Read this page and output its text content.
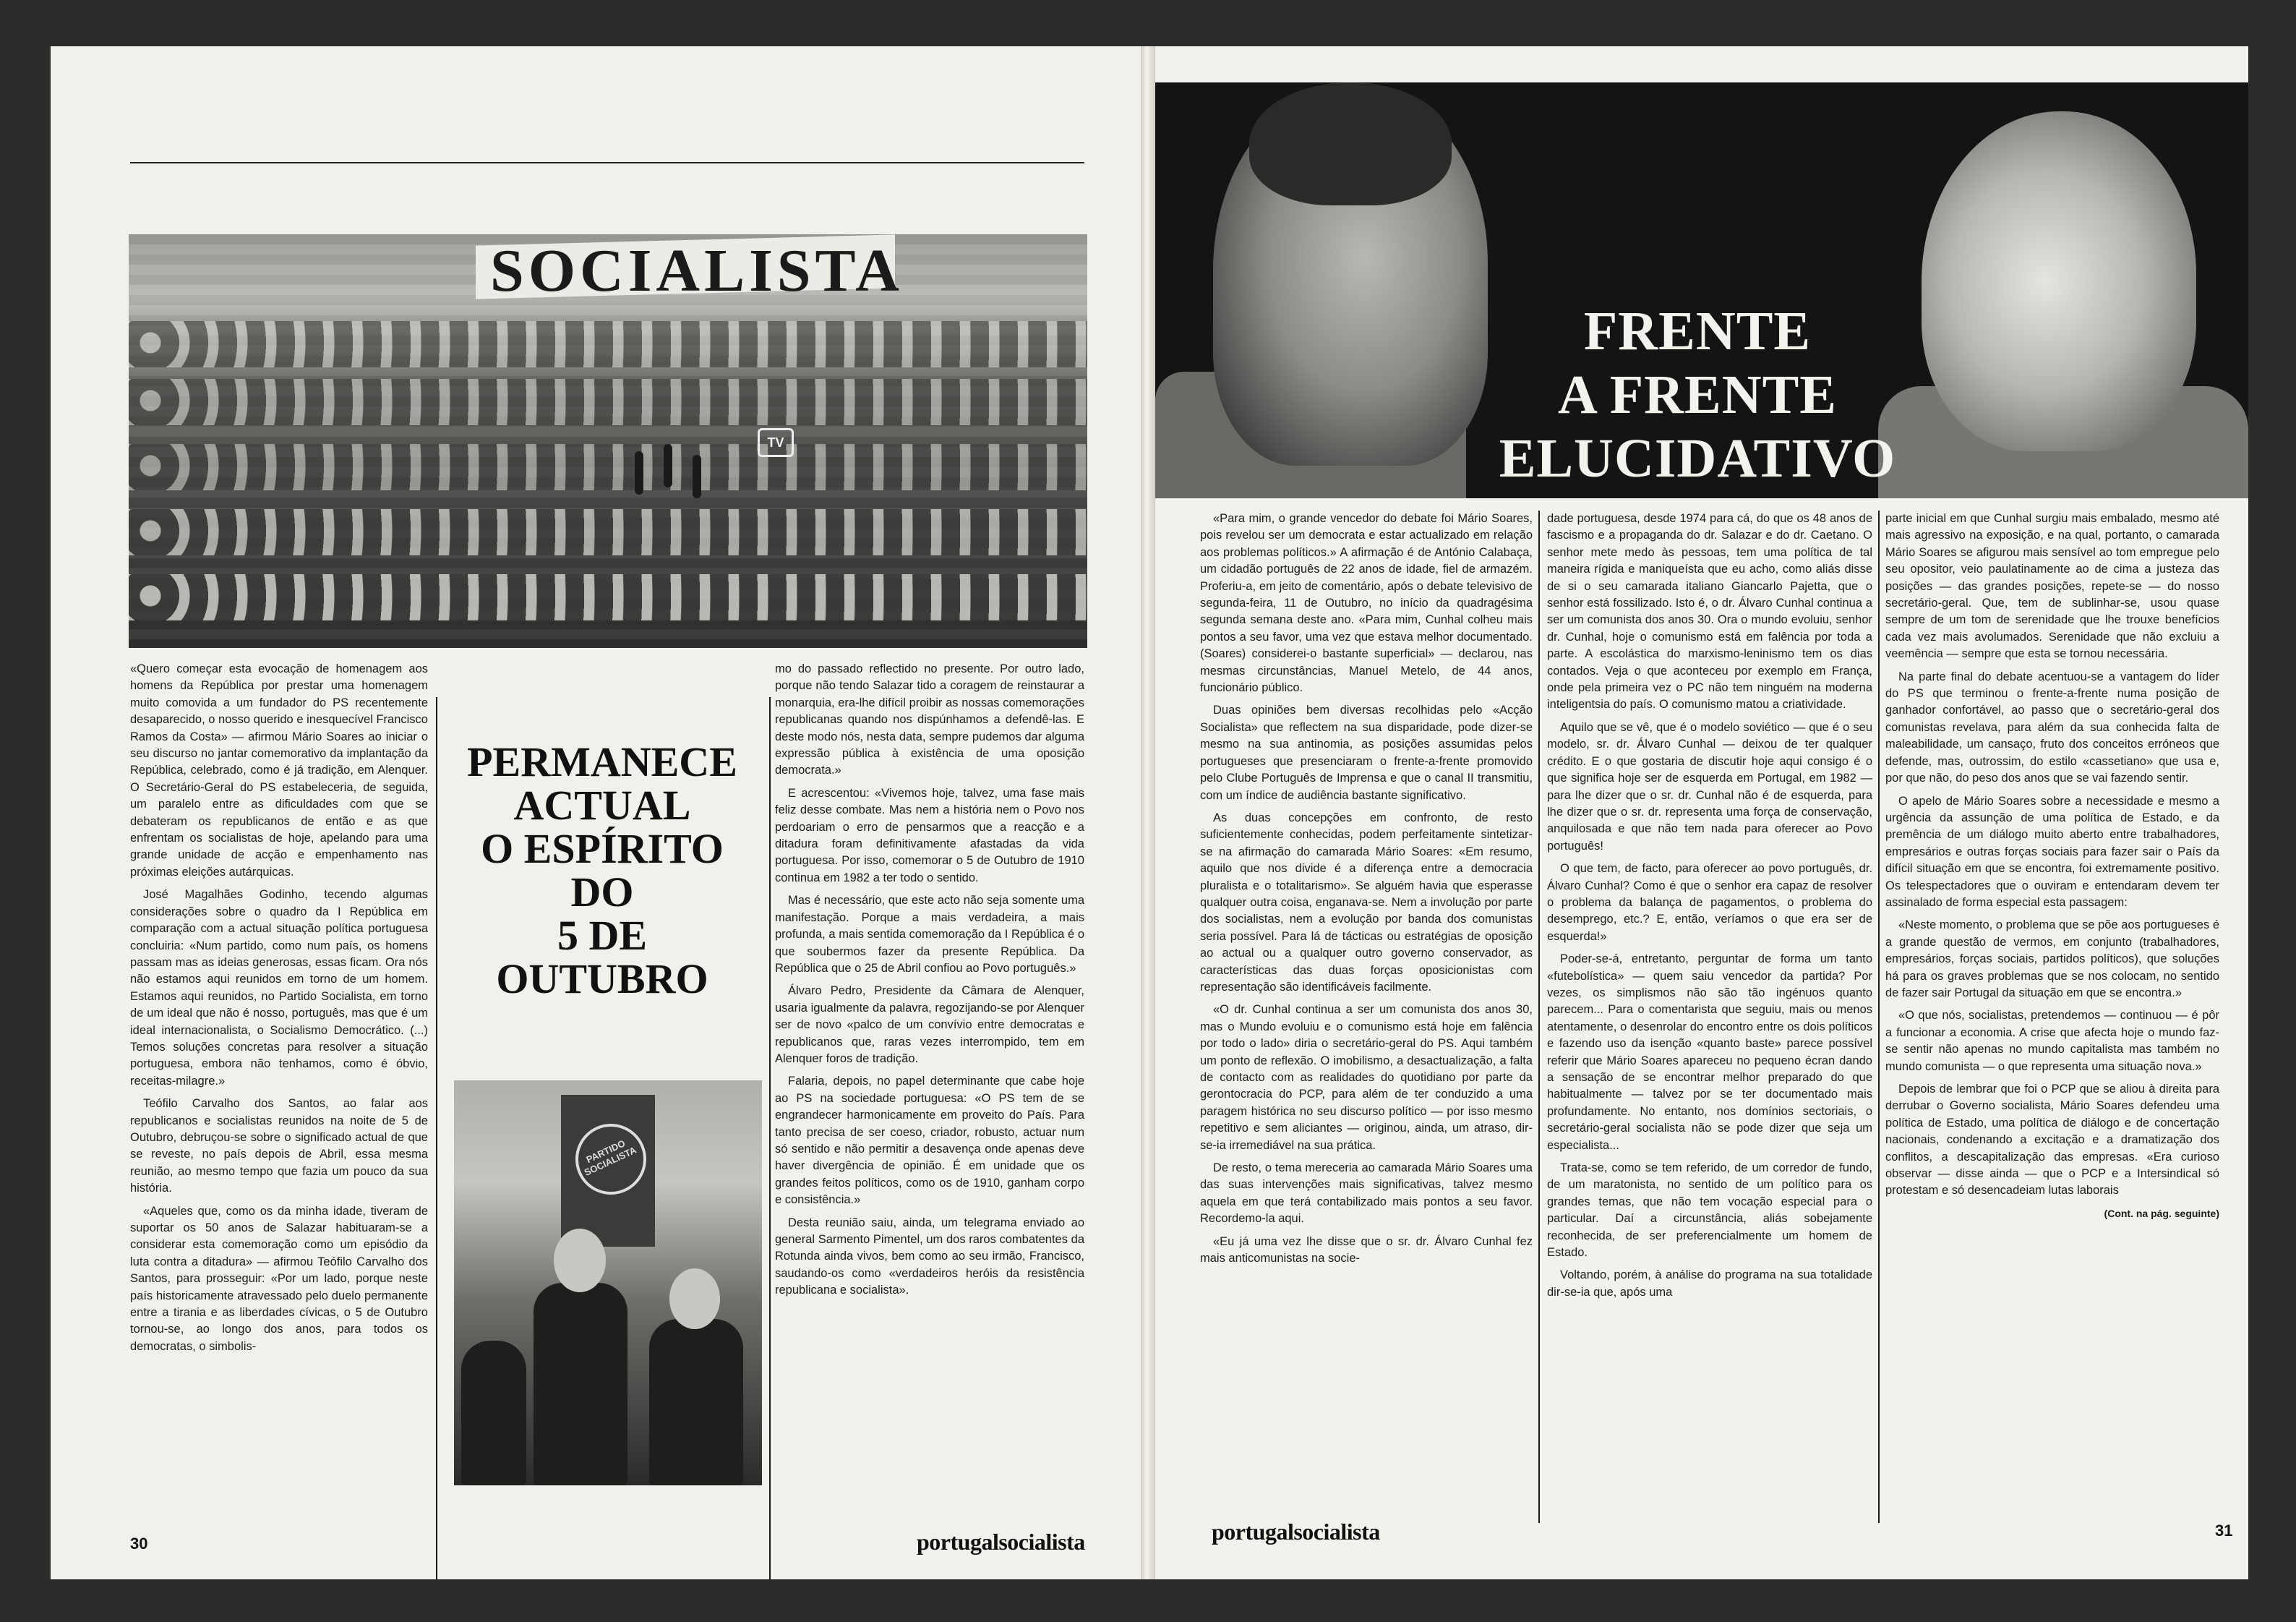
SOCIALISTA
TV

«Quero começar esta evocação de homenagem aos homens da República por prestar uma homenagem muito comovida a um fundador do PS recentemente desaparecido, o nosso querido e inesquecível Francisco Ramos da Costa» — afirmou Mário Soares ao iniciar o seu discurso no jantar comemorativo da implantação da República, celebrado, como é já tradição, em Alenquer. O Secretário-Geral do PS estabeleceria, de seguida, um paralelo entre as dificuldades com que se debateram os republicanos de então e as que enfrentam os socialistas de hoje, apelando para uma grande unidade de acção e empenhamento nas próximas eleições autárquicas.

José Magalhães Godinho, tecendo algumas considerações sobre o quadro da I República em comparação com a actual situação política portuguesa concluiria: «Num partido, como num país, os homens passam mas as ideias generosas, essas ficam. Ora nós não estamos aqui reunidos em torno de um homem. Estamos aqui reunidos, no Partido Socialista, em torno de um ideal que não é nosso, português, mas que é um ideal internacionalista, o Socialismo Democrático. (...) Temos soluções concretas para resolver a situação portuguesa, embora não tenhamos, como é óbvio, receitas-milagre.»

Teófilo Carvalho dos Santos, ao falar aos republicanos e socialistas reunidos na noite de 5 de Outubro, debruçou-se sobre o significado actual de que se reveste, no país depois de Abril, essa mesma reunião, ao mesmo tempo que fazia um pouco da sua história.

«Aqueles que, como os da minha idade, tiveram de suportar os 50 anos de Salazar habituaram-se a considerar esta comemoração como um episódio da luta contra a ditadura» — afirmou Teófilo Carvalho dos Santos, para prosseguir: «Por um lado, porque neste país historicamente atravessado pelo duelo permanente entre a tirania e as liberdades cívicas, o 5 de Outubro tornou-se, ao longo dos anos, para todos os democratas, o simbolis-

PERMANECE
ACTUAL
O ESPÍRITO
DO
5 DE
OUTUBRO
PARTIDO SOCIALISTA

mo do passado reflectido no presente. Por outro lado, porque não tendo Salazar tido a coragem de reinstaurar a monarquia, era-lhe difícil proibir as nossas comemorações republicanas quando nos dispúnhamos a defendê-las. E deste modo nós, nesta data, sempre pudemos dar alguma expressão pública à existência de uma oposição democrata.»

E acrescentou: «Vivemos hoje, talvez, uma fase mais feliz desse combate. Mas nem a história nem o Povo nos perdoariam o erro de pensarmos que a reacção e a ditadura foram definitivamente afastadas da vida portuguesa. Por isso, comemorar o 5 de Outubro de 1910 continua em 1982 a ter todo o sentido.

Mas é necessário, que este acto não seja somente uma manifestação. Porque a mais verdadeira, a mais profunda, a mais sentida comemoração da I República é o que soubermos fazer da presente República. Da República que o 25 de Abril confiou ao Povo português.»

Álvaro Pedro, Presidente da Câmara de Alenquer, usaria igualmente da palavra, regozijando-se por Alenquer ser de novo «palco de um convívio entre democratas e republicanos que, raras vezes interrompido, tem em Alenquer foros de tradição.

Falaria, depois, no papel determinante que cabe hoje ao PS na sociedade portuguesa: «O PS tem de se engrandecer harmonicamente em proveito do País. Para tanto precisa de ser coeso, criador, robusto, actuar num só sentido e não permitir a desavença onde apenas deve haver divergência de opinião. É em unidade que os grandes feitos políticos, como os de 1910, ganham corpo e consistência.»

Desta reunião saiu, ainda, um telegrama enviado ao general Sarmento Pimentel, um dos raros combatentes da Rotunda ainda vivos, bem como ao seu irmão, Francisco, saudando-os como «verdadeiros heróis da resistência republicana e socialista».

30	portugalsocialista
FRENTE
A FRENTE
ELUCIDATIVO

«Para mim, o grande vencedor do debate foi Mário Soares, pois revelou ser um democrata e estar actualizado em relação aos problemas políticos.» A afirmação é de António Calabaça, um cidadão português de 22 anos de idade, fiel de armazém. Proferiu-a, em jeito de comentário, após o debate televisivo de segunda-feira, 11 de Outubro, no início da quadragésima segunda semana deste ano. «Para mim, Cunhal colheu mais pontos a seu favor, uma vez que estava melhor documentado. (Soares) considerei-o bastante superficial» — declarou, nas mesmas circunstâncias, Manuel Metelo, de 44 anos, funcionário público.

Duas opiniões bem diversas recolhidas pelo «Acção Socialista» que reflectem na sua disparidade, pode dizer-se mesmo na sua antinomia, as posições assumidas pelos portugueses que presenciaram o frente-a-frente promovido pelo Clube Português de Imprensa e que o canal II transmitiu, com um índice de audiência bastante significativo.

As duas concepções em confronto, de resto suficientemente conhecidas, podem perfeitamente sintetizar-se na afirmação do camarada Mário Soares: «Em resumo, aquilo que nos divide é a diferença entre a democracia pluralista e o totalitarismo». Se alguém havia que esperasse qualquer outra coisa, enganava-se. Nem a involução por parte dos socialistas, nem a evolução por banda dos comunistas seria possível. Para lá de tácticas ou estratégias de oposição ao actual ou a qualquer outro governo conservador, as características das duas forças oposicionistas com representação são identificáveis facilmente.

«O dr. Cunhal continua a ser um comunista dos anos 30, mas o Mundo evoluiu e o comunismo está hoje em falência por todo o lado» diria o secretário-geral do PS. Aqui também um ponto de reflexão. O imobilismo, a desactualização, a falta de contacto com as realidades do quotidiano por parte da gerontocracia do PCP, para além de ter conduzido a uma paragem histórica no seu discurso político — por isso mesmo repetitivo e sem aliciantes — originou, ainda, um atraso, dir-se-ia irremediável na sua prática.

De resto, o tema mereceria ao camarada Mário Soares uma das suas intervenções mais significativas, talvez mesmo aquela em que terá contabilizado mais pontos a seu favor. Recordemo-la aqui.

«Eu já uma vez lhe disse que o sr. dr. Álvaro Cunhal fez mais anticomunistas na socie-

dade portuguesa, desde 1974 para cá, do que os 48 anos de fascismo e a propaganda do dr. Salazar e do dr. Caetano. O senhor mete medo às pessoas, tem uma política de tal maneira rígida e maniqueísta que eu acho, como aliás disse de si o seu camarada italiano Giancarlo Pajetta, que o senhor está fossilizado. Isto é, o dr. Álvaro Cunhal continua a ser um comunista dos anos 30. Ora o mundo evoluiu, senhor dr. Cunhal, hoje o comunismo está em falência por toda a parte. A escolástica do marxismo-leninismo tem os dias contados. Veja o que aconteceu por exemplo em França, onde pela primeira vez o PC não tem ninguém na moderna inteligentsia do país. O comunismo matou a criatividade.

Aquilo que se vê, que é o modelo soviético — que é o seu modelo, sr. dr. Álvaro Cunhal — deixou de ter qualquer crédito. E o que gostaria de discutir hoje aqui consigo é o que significa hoje ser de esquerda em Portugal, em 1982 — para lhe dizer que o sr. dr. Cunhal não é de esquerda, para lhe dizer que o sr. dr. representa uma força de conservação, anquilosada e que não tem nada para oferecer ao Povo português!

O que tem, de facto, para oferecer ao povo português, dr. Álvaro Cunhal? Como é que o senhor era capaz de resolver o problema da balança de pagamentos, o problema do desemprego, etc.? E, então, veríamos o que era ser de esquerda!»

Poder-se-á, entretanto, perguntar de forma um tanto «futebolística» — quem saiu vencedor da partida? Por vezes, os simplismos não são tão ingénuos quanto parecem... Para o comentarista que seguiu, mais ou menos atentamente, o desenrolar do encontro entre os dois políticos e fazendo uso da isenção «quanto baste» parece possível referir que Mário Soares apareceu no pequeno écran dando a sensação de se encontrar melhor preparado do que habitualmente — talvez por se ter documentado mais profundamente. No entanto, nos domínios sectoriais, o secretário-geral socialista não se pode dizer que seja um especialista...

Trata-se, como se tem referido, de um corredor de fundo, de um maratonista, no sentido de um político para os grandes temas, que não tem vocação especial para o particular. Daí a circunstância, aliás sobejamente reconhecida, de ser preferencialmente um homem de Estado.

Voltando, porém, à análise do programa na sua totalidade dir-se-ia que, após uma

parte inicial em que Cunhal surgiu mais embalado, mesmo até mais agressivo na exposição, e na qual, portanto, o camarada Mário Soares se afigurou mais sensível ao tom empregue pelo seu opositor, veio paulatinamente ao de cima a justeza das posições — das grandes posições, repete-se — do nosso secretário-geral. Que, tem de sublinhar-se, usou quase sempre de um tom de serenidade que lhe trouxe benefícios cada vez mais avolumados. Serenidade que não excluiu a veemência — sempre que esta se tornou necessária.

Na parte final do debate acentuou-se a vantagem do líder do PS que terminou o frente-a-frente numa posição de ganhador confortável, ao passo que o secretário-geral dos comunistas revelava, para além da sua conhecida falta de maleabilidade, um cansaço, fruto dos conceitos erróneos que defende, mas, outrossim, do estilo «cassetiano» que usa e, por que não, do peso dos anos que se vai fazendo sentir.

O apelo de Mário Soares sobre a necessidade e mesmo a urgência da assunção de uma política de Estado, e da premência de um diálogo muito aberto entre trabalhadores, empresários e outras forças sociais para fazer sair o País da difícil situação em que se encontra, foi extremamente positivo. Os telespectadores que o ouviram e entendaram devem ter assinalado de forma especial esta passagem:

«Neste momento, o problema que se põe aos portugueses é a grande questão de vermos, em conjunto (trabalhadores, empresários, forças sociais, partidos políticos), que soluções há para os graves problemas que se nos colocam, no sentido de fazer sair Portugal da situação em que se encontra.»

«O que nós, socialistas, pretendemos — continuou — é pôr a funcionar a economia. A crise que afecta hoje o mundo faz-se sentir não apenas no mundo capitalista mas também no mundo comunista — o que representa uma situação nova.»

Depois de lembrar que foi o PCP que se aliou à direita para derrubar o Governo socialista, Mário Soares defendeu uma política de Estado, uma política de diálogo e de concertação nacionais, condenando a excitação e a dramatização dos conflitos, a descapitalização das empresas. «Era curioso observar — disse ainda — que o PCP e a Intersindical só protestam e só desencadeiam lutas laborais

(Cont. na pág. seguinte)
portugalsocialista	31
